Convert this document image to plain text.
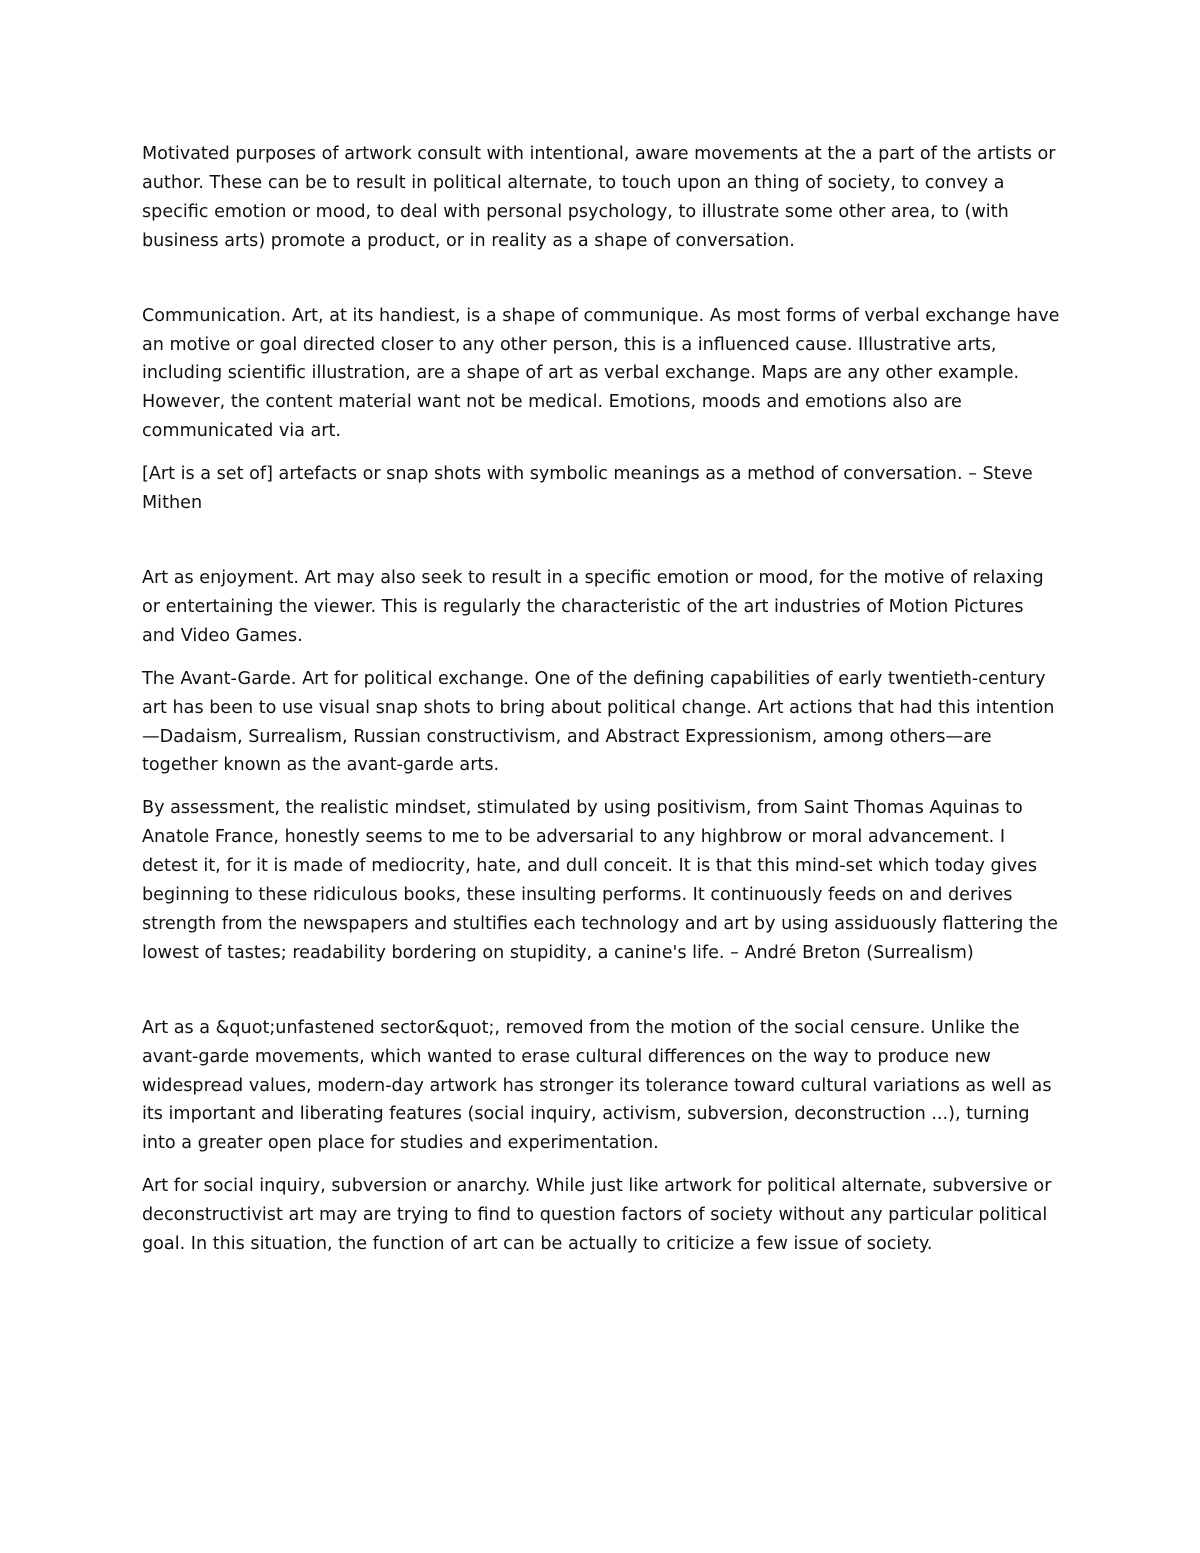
Motivated purposes of artwork consult with intentional, aware movements at the a part of the artists or author. These can be to result in political alternate, to touch upon an thing of society, to convey a specific emotion or mood, to deal with personal psychology, to illustrate some other area, to (with business arts) promote a product, or in reality as a shape of conversation.

Communication. Art, at its handiest, is a shape of communique. As most forms of verbal exchange have an motive or goal directed closer to any other person, this is a influenced cause. Illustrative arts, including scientific illustration, are a shape of art as verbal exchange. Maps are any other example. However, the content material want not be medical. Emotions, moods and emotions also are communicated via art.

[Art is a set of] artefacts or snap shots with symbolic meanings as a method of conversation. – Steve Mithen

Art as enjoyment. Art may also seek to result in a specific emotion or mood, for the motive of relaxing or entertaining the viewer. This is regularly the characteristic of the art industries of Motion Pictures and Video Games.

The Avant-Garde. Art for political exchange. One of the defining capabilities of early twentieth-century art has been to use visual snap shots to bring about political change. Art actions that had this intention—Dadaism, Surrealism, Russian constructivism, and Abstract Expressionism, among others—are together known as the avant-garde arts.

By assessment, the realistic mindset, stimulated by using positivism, from Saint Thomas Aquinas to Anatole France, honestly seems to me to be adversarial to any highbrow or moral advancement. I detest it, for it is made of mediocrity, hate, and dull conceit. It is that this mind-set which today gives beginning to these ridiculous books, these insulting performs. It continuously feeds on and derives strength from the newspapers and stultifies each technology and art by using assiduously flattering the lowest of tastes; readability bordering on stupidity, a canine's life. – André Breton (Surrealism)

Art as a &quot;unfastened sector&quot;, removed from the motion of the social censure. Unlike the avant-garde movements, which wanted to erase cultural differences on the way to produce new widespread values, modern-day artwork has stronger its tolerance toward cultural variations as well as its important and liberating features (social inquiry, activism, subversion, deconstruction ...), turning into a greater open place for studies and experimentation.

Art for social inquiry, subversion or anarchy. While just like artwork for political alternate, subversive or deconstructivist art may are trying to find to question factors of society without any particular political goal. In this situation, the function of art can be actually to criticize a few issue of society.
